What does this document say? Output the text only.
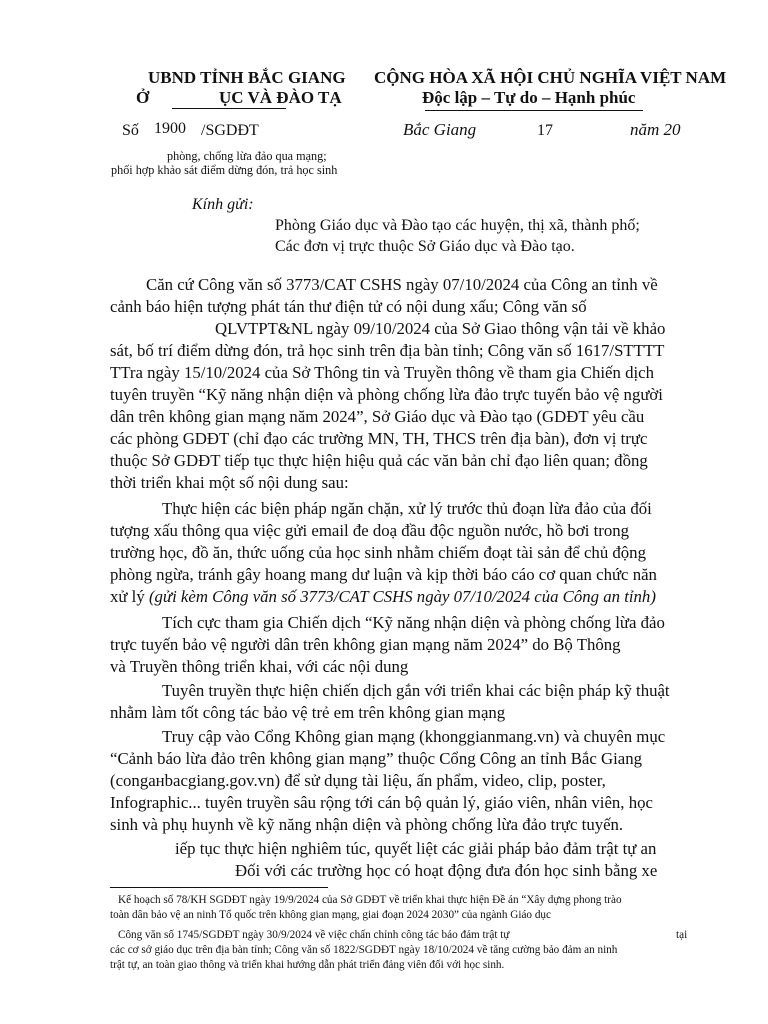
UBND TỈNH BẮC GIANG
Ở	ỤC VÀ ĐÀO TẠ
CỘNG HÒA XÃ HỘI CHỦ NGHĨA VIỆT NAM
Độc lập – Tự do – Hạnh phúc
Số 1900 /SGDĐT	Bắc Giang	17	năm 20
phòng, chống lừa đảo qua mạng;
phối hợp khảo sát điểm dừng đón, trả học sinh
Kính gửi:
Phòng Giáo dục và Đào tạo các huyện, thị xã, thành phố;
Các đơn vị trực thuộc Sở Giáo dục và Đào tạo.
Căn cứ Công văn số 3773/CAT CSHS ngày 07/10/2024 của Công an tỉnh về
cảnh báo hiện tượng phát tán thư điện tử có nội dung xấu; Công văn số
QLVTPT&NL ngày 09/10/2024 của Sở Giao thông vận tải về khảo
sát, bố trí điểm dừng đón, trả học sinh trên địa bàn tỉnh; Công văn số 1617/STTTT
TTra ngày 15/10/2024 của Sở Thông tin và Truyền thông về tham gia Chiến dịch
tuyên truyền “Kỹ năng nhận diện và phòng chống lừa đảo trực tuyến bảo vệ người
dân trên không gian mạng năm 2024”, Sở Giáo dục và Đào tạo (GDĐT yêu cầu
các phòng GDĐT (chỉ đạo các trường MN, TH, THCS trên địa bàn), đơn vị trực
thuộc Sở GDĐT tiếp tục thực hiện hiệu quả các văn bản chỉ đạo liên quan; đồng
thời triển khai một số nội dung sau:
Thực hiện các biện pháp ngăn chặn, xử lý trước thủ đoạn lừa đảo của đối
tượng xấu thông qua việc gửi email đe doạ đầu độc nguồn nước, hồ bơi trong
trường học, đồ ăn, thức uống của học sinh nhằm chiếm đoạt tài sản để chủ động
phòng ngừa, tránh gây hoang mang dư luận và kịp thời báo cáo cơ quan chức năn
xử lý (gửi kèm Công văn số 3773/CAT CSHS ngày 07/10/2024 của Công an tỉnh)
Tích cực tham gia Chiến dịch “Kỹ năng nhận diện và phòng chống lừa đảo
trực tuyến bảo vệ người dân trên không gian mạng năm 2024” do Bộ Thông
và Truyền thông triển khai, với các nội dung
Tuyên truyền thực hiện chiến dịch gắn với triển khai các biện pháp kỹ thuật
nhằm làm tốt công tác bảo vệ trẻ em trên không gian mạng
Truy cập vào Cổng Không gian mạng (khonggianmang.vn) và chuyên mục
“Cảnh báo lừa đảo trên không gian mạng” thuộc Cổng Công an tỉnh Bắc Giang
(congанbacgiang.gov.vn) để sử dụng tài liệu, ấn phẩm, video, clip, poster,
Infographic... tuyên truyền sâu rộng tới cán bộ quản lý, giáo viên, nhân viên, học
sinh và phụ huynh về kỹ năng nhận diện và phòng chống lừa đảo trực tuyến.
iếp tục thực hiện nghiêm túc, quyết liệt các giải pháp bảo đảm trật tự an
Đối với các trường học có hoạt động đưa đón học sinh bằng xe
Kế hoạch số 78/KH SGDĐT ngày 19/9/2024 của Sở GDĐT về triển khai thực hiện Đề án “Xây dựng phong trào
toàn dân bảo vệ an ninh Tổ quốc trên không gian mạng, giai đoạn 2024 2030” của ngành Giáo dục
Công văn số 1745/SGDĐT ngày 30/9/2024 về việc chấn chỉnh công tác bảo đảm trật tự	tại
các cơ sở giáo dục trên địa bàn tỉnh; Công văn số 1822/SGDĐT ngày 18/10/2024 về tăng cường bảo đảm an ninh
trật tự, an toàn giao thông và triển khai hướng dẫn phát triển đảng viên đối với học sinh.
